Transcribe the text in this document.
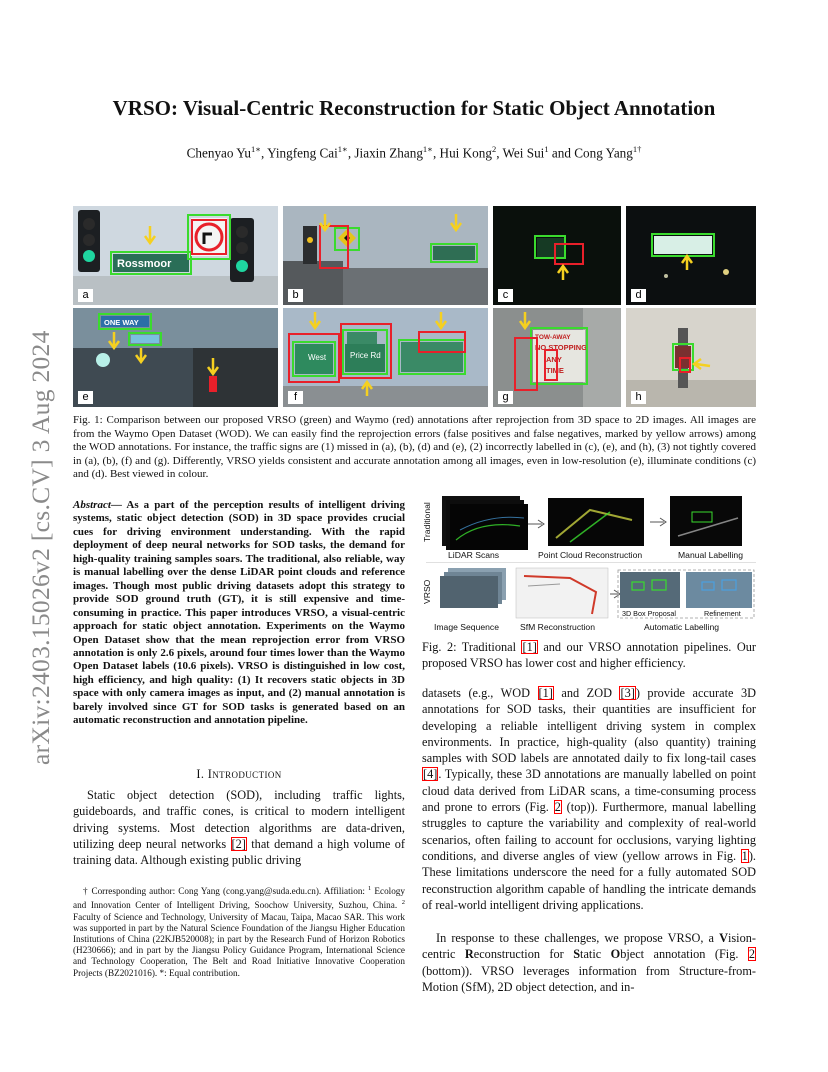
arXiv:2403.15026v2 [cs.CV] 3 Aug 2024
VRSO: Visual-Centric Reconstruction for Static Object Annotation
Chenyao $Yu^{1∗}$, Yingfeng Cai$^{1∗}$, Jiaxin Zhang$^{1∗}$, Hui Kong$^2$, Wei Sui$^1$ and Cong Yang$^{1\dagger}$
Rossmoor
a	b	c	d
ONE WAY
e
West	Price Rd
f
TOW-AWAY
NO STOPPING
ANY
TIME
g	h
Fig. 1: Comparison between our proposed VRSO (green) and Waymo (red) annotations after reprojection from 3D space to 2D images. All images are from the Waymo Open Dataset (WOD). We can easily find the reprojection errors (false positives and false negatives, marked by yellow arrows) among the WOD annotations. For instance, the traffic signs are (1) missed in (a), (b), (d) and (e), (2) incorrectly labelled in (c), (e), and (h), (3) not tightly covered in (a), (b), (f) and (g). Differently, VRSO yields consistent and accurate annotation among all images, even in low-resolution (e), illuminate conditions (c) and (d). Best viewed in colour.
Abstract— As a part of the perception results of intelligent driving systems, static object detection (SOD) in 3D space provides crucial cues for driving environment understanding. With the rapid deployment of deep neural networks for SOD tasks, the demand for high-quality training samples soars. The traditional, also reliable, way is manual labelling over the dense LiDAR point clouds and reference images. Though most public driving datasets adopt this strategy to provide SOD ground truth (GT), it is still expensive and time-consuming in practice. This paper introduces VRSO, a visual-centric approach for static object annotation. Experiments on the Waymo Open Dataset show that the mean reprojection error from VRSO annotation is only 2.6 pixels, around four times lower than the Waymo Open Dataset labels (10.6 pixels). VRSO is distinguished in low cost, high efficiency, and high quality: (1) It recovers static objects in 3D space with only camera images as input, and (2) manual annotation is barely involved since GT for SOD tasks is generated based on an automatic reconstruction and annotation pipeline.
I. Introduction
Static object detection (SOD), including traffic lights, guideboards, and traffic cones, is critical to modern intelligent driving systems. Most detection algorithms are data-driven, utilizing deep neural networks [2] that demand a high volume of training data. Although existing public driving
† Corresponding author: Cong Yang (cong.yang@suda.edu.cn). Affiliation: $^1$ Ecology and Innovation Center of Intelligent Driving, Soochow University, Suzhou, China. $^2$ Faculty of Science and Technology, University of Macau, Taipa, Macao SAR. This work was supported in part by the Natural Science Foundation of the Jiangsu Higher Education Institutions of China (22KJB520008); in part by the Research Fund of Horizon Robotics (H230666); and in part by the Jiangsu Policy Guidance Program, International Science and Technology Cooperation, The Belt and Road Initiative Innovative Cooperation Projects (BZ2021016). *: Equal contribution.
Traditional
VRSO
LiDAR Scans	Point Cloud Reconstruction	Manual Labelling
Image Sequence SfM Reconstruction
3D Box Proposal	Refinement
Automatic Labelling
Fig. 2: Traditional [1] and our VRSO annotation pipelines. Our proposed VRSO has lower cost and higher efficiency.
datasets (e.g., WOD [1] and ZOD [3]) provide accurate 3D annotations for SOD tasks, their quantities are insufficient for developing a reliable intelligent driving system in complex environments. In practice, high-quality (also quantity) training samples with SOD labels are annotated daily to fix long-tail cases [4]. Typically, these 3D annotations are manually labelled on point cloud data derived from LiDAR scans, a time-consuming process and prone to errors (Fig. 2 (top)). Furthermore, manual labelling struggles to capture the variability and complexity of real-world scenarios, often failing to account for occlusions, varying lighting conditions, and diverse angles of view (yellow arrows in Fig. 1). These limitations underscore the need for a fully automated SOD reconstruction algorithm capable of handling the intricate demands of real-world intelligent driving applications.
In response to these challenges, we propose VRSO, a Vision-centric Reconstruction for Static Object annotation (Fig. 2 (bottom)). VRSO leverages information from Structure-from-Motion (SfM), 2D object detection, and in-
